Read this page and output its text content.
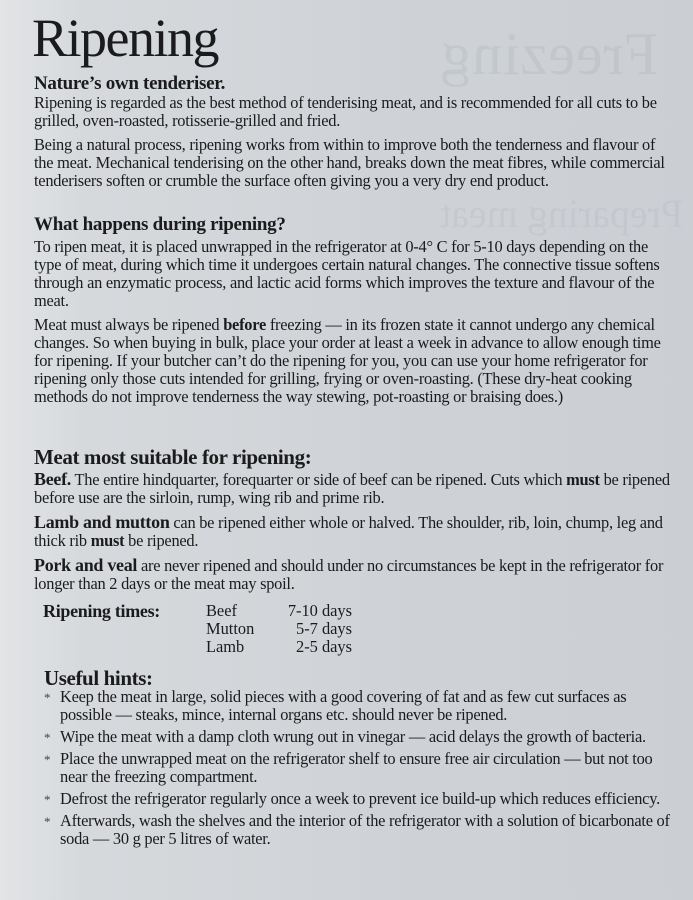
Freezing
Preparing meat
Ripening
Nature’s own tenderiser.

Ripening is regarded as the best method of tenderising meat, and is recommended for all cuts to be grilled, oven-roasted, rotisserie-grilled and fried.

Being a natural process, ripening works from within to improve both the tenderness and flavour of the meat. Mechanical tenderising on the other hand, breaks down the meat fibres, while commercial tenderisers soften or crumble the surface often giving you a very dry end product.

What happens during ripening?

To ripen meat, it is placed unwrapped in the refrigerator at 0-4° C for 5-10 days depending on the type of meat, during which time it undergoes certain natural changes. The connective tissue softens through an enzymatic process, and lactic acid forms which improves the texture and flavour of the meat.

Meat must always be ripened before freezing — in its frozen state it cannot undergo any chemical changes. So when buying in bulk, place your order at least a week in advance to allow enough time for ripening. If your butcher can’t do the ripening for you, you can use your home refrigerator for ripening only those cuts intended for grilling, frying or oven-roasting. (These dry-heat cooking methods do not improve tenderness the way stewing, pot-roasting or braising does.)

Meat most suitable for ripening:

Beef. The entire hindquarter, forequarter or side of beef can be ripened. Cuts which must be ripened before use are the sirloin, rump, wing rib and prime rib.

Lamb and mutton can be ripened either whole or halved. The shoulder, rib, loin, chump, leg and thick rib must be ripened.

Pork and veal are never ripened and should under no circumstances be kept in the refrigerator for longer than 2 days or the meat may spoil.

Ripening times:	Beef	7-10 days
Mutton	5-7 days
Lamb	2-5 days
Useful hints:
* Keep the meat in large, solid pieces with a good covering of fat and as few cut surfaces as possible — steaks, mince, internal organs etc. should never be ripened.

* Wipe the meat with a damp cloth wrung out in vinegar — acid delays the growth of bacteria.

* Place the unwrapped meat on the refrigerator shelf to ensure free air circulation — but not too near the freezing compartment.

* Defrost the refrigerator regularly once a week to prevent ice build-up which reduces efficiency.

* Afterwards, wash the shelves and the interior of the refrigerator with a solution of bicarbonate of soda — 30 g per 5 litres of water.
